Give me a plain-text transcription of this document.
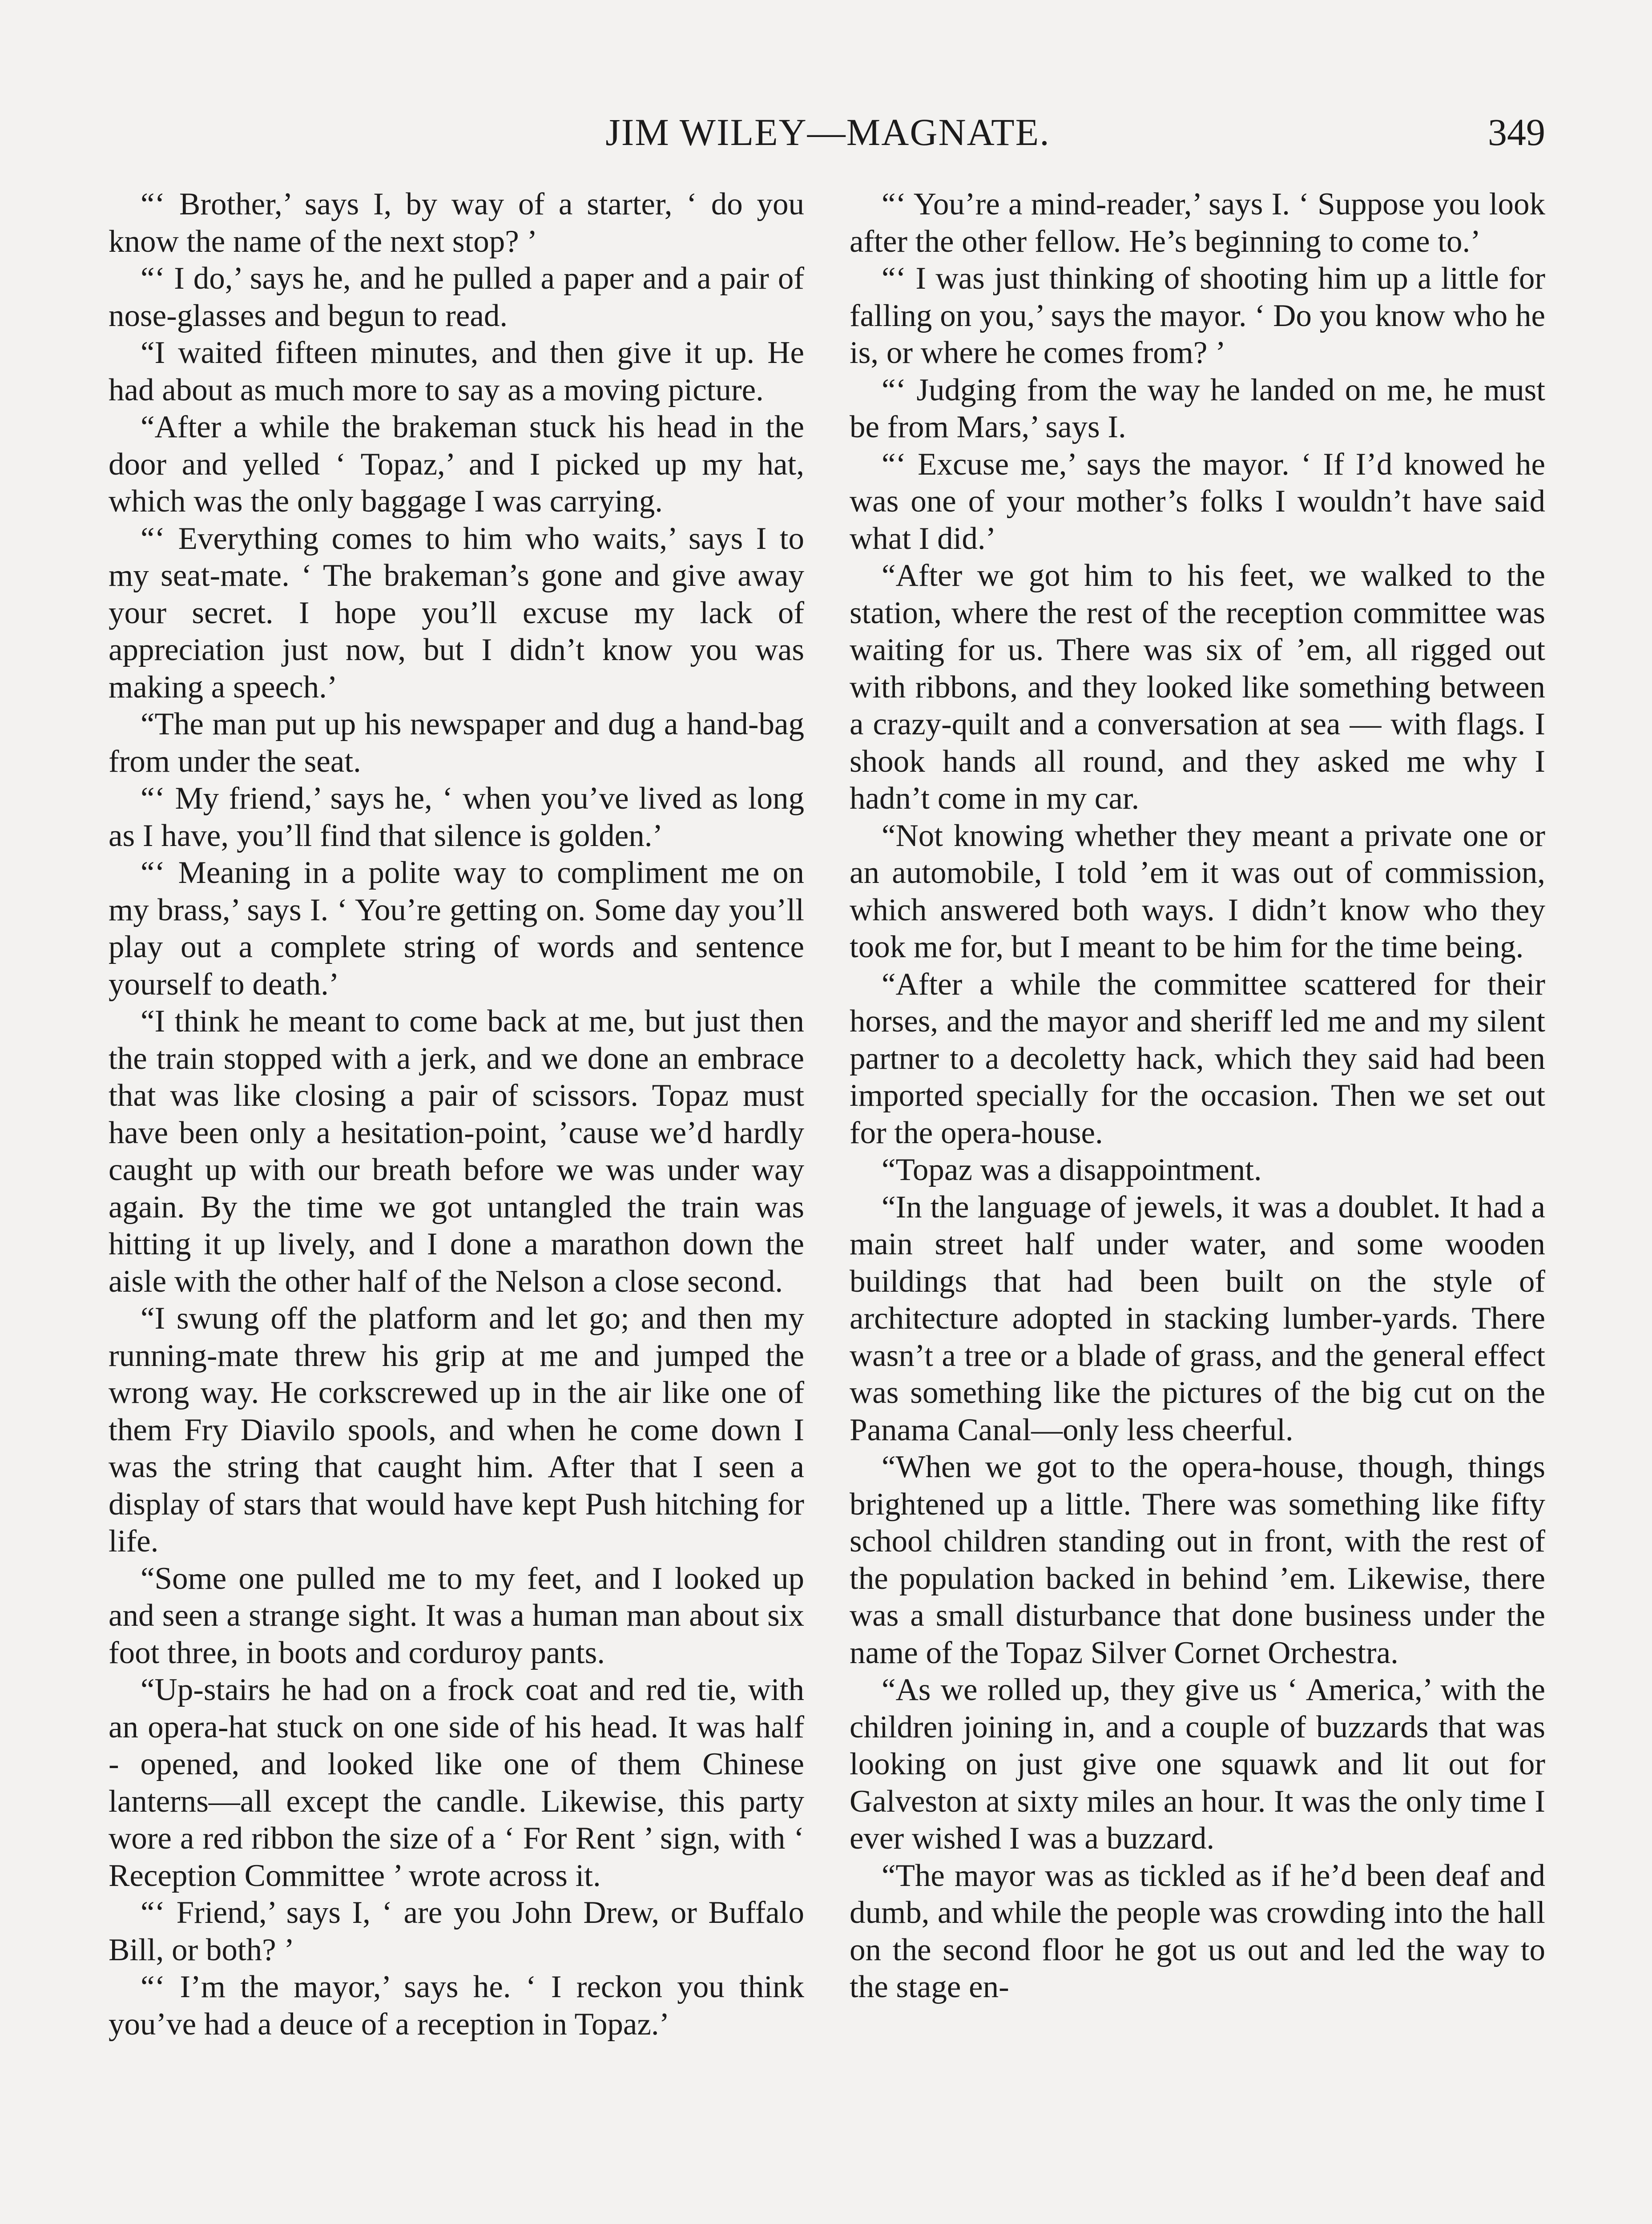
JIM WILEY—MAGNATE.	349

“‘ Brother,’ says I, by way of a starter, ‘ do you know the name of the next stop? ’

“‘ I do,’ says he, and he pulled a paper and a pair of nose-glasses and begun to read.

“I waited fifteen minutes, and then give it up. He had about as much more to say as a moving picture.

“After a while the brakeman stuck his head in the door and yelled ‘ Topaz,’ and I picked up my hat, which was the only baggage I was carrying.

“‘ Everything comes to him who waits,’ says I to my seat-mate. ‘ The brakeman’s gone and give away your secret. I hope you’ll excuse my lack of appreciation just now, but I didn’t know you was making a speech.’

“The man put up his newspaper and dug a hand-bag from under the seat.

“‘ My friend,’ says he, ‘ when you’ve lived as long as I have, you’ll find that silence is golden.’

“‘ Meaning in a polite way to compliment me on my brass,’ says I. ‘ You’re getting on. Some day you’ll play out a complete string of words and sentence yourself to death.’

“I think he meant to come back at me, but just then the train stopped with a jerk, and we done an embrace that was like closing a pair of scissors. Topaz must have been only a hesitation-point, ’cause we’d hardly caught up with our breath before we was under way again. By the time we got untangled the train was hitting it up lively, and I done a marathon down the aisle with the other half of the Nelson a close second.

“I swung off the platform and let go; and then my running-mate threw his grip at me and jumped the wrong way. He corkscrewed up in the air like one of them Fry Diavilo spools, and when he come down I was the string that caught him. After that I seen a display of stars that would have kept Push hitching for life.

“Some one pulled me to my feet, and I looked up and seen a strange sight. It was a human man about six foot three, in boots and corduroy pants.

“Up-stairs he had on a frock coat and red tie, with an opera-hat stuck on one side of his head. It was half - opened, and looked like one of them Chinese lanterns—all except the candle. Likewise, this party wore a red ribbon the size of a ‘ For Rent ’ sign, with ‘ Reception Committee ’ wrote across it.

“‘ Friend,’ says I, ‘ are you John Drew, or Buffalo Bill, or both? ’

“‘ I’m the mayor,’ says he. ‘ I reckon you think you’ve had a deuce of a reception in Topaz.’

“‘ You’re a mind-reader,’ says I. ‘ Suppose you look after the other fellow. He’s beginning to come to.’

“‘ I was just thinking of shooting him up a little for falling on you,’ says the mayor. ‘ Do you know who he is, or where he comes from? ’

“‘ Judging from the way he landed on me, he must be from Mars,’ says I.

“‘ Excuse me,’ says the mayor. ‘ If I’d knowed he was one of your mother’s folks I wouldn’t have said what I did.’

“After we got him to his feet, we walked to the station, where the rest of the reception committee was waiting for us. There was six of ’em, all rigged out with ribbons, and they looked like something between a crazy-quilt and a conversation at sea — with flags. I shook hands all round, and they asked me why I hadn’t come in my car.

“Not knowing whether they meant a private one or an automobile, I told ’em it was out of commission, which answered both ways. I didn’t know who they took me for, but I meant to be him for the time being.

“After a while the committee scattered for their horses, and the mayor and sheriff led me and my silent partner to a decoletty hack, which they said had been imported specially for the occasion. Then we set out for the opera-house.

“Topaz was a disappointment.

“In the language of jewels, it was a doublet. It had a main street half under water, and some wooden buildings that had been built on the style of architecture adopted in stacking lumber-yards. There wasn’t a tree or a blade of grass, and the general effect was something like the pictures of the big cut on the Panama Canal—only less cheerful.

“When we got to the opera-house, though, things brightened up a little. There was something like fifty school children standing out in front, with the rest of the population backed in behind ’em. Likewise, there was a small disturbance that done business under the name of the Topaz Silver Cornet Orchestra.

“As we rolled up, they give us ‘ America,’ with the children joining in, and a couple of buzzards that was looking on just give one squawk and lit out for Galveston at sixty miles an hour. It was the only time I ever wished I was a buzzard.

“The mayor was as tickled as if he’d been deaf and dumb, and while the people was crowding into the hall on the second floor he got us out and led the way to the stage en-
